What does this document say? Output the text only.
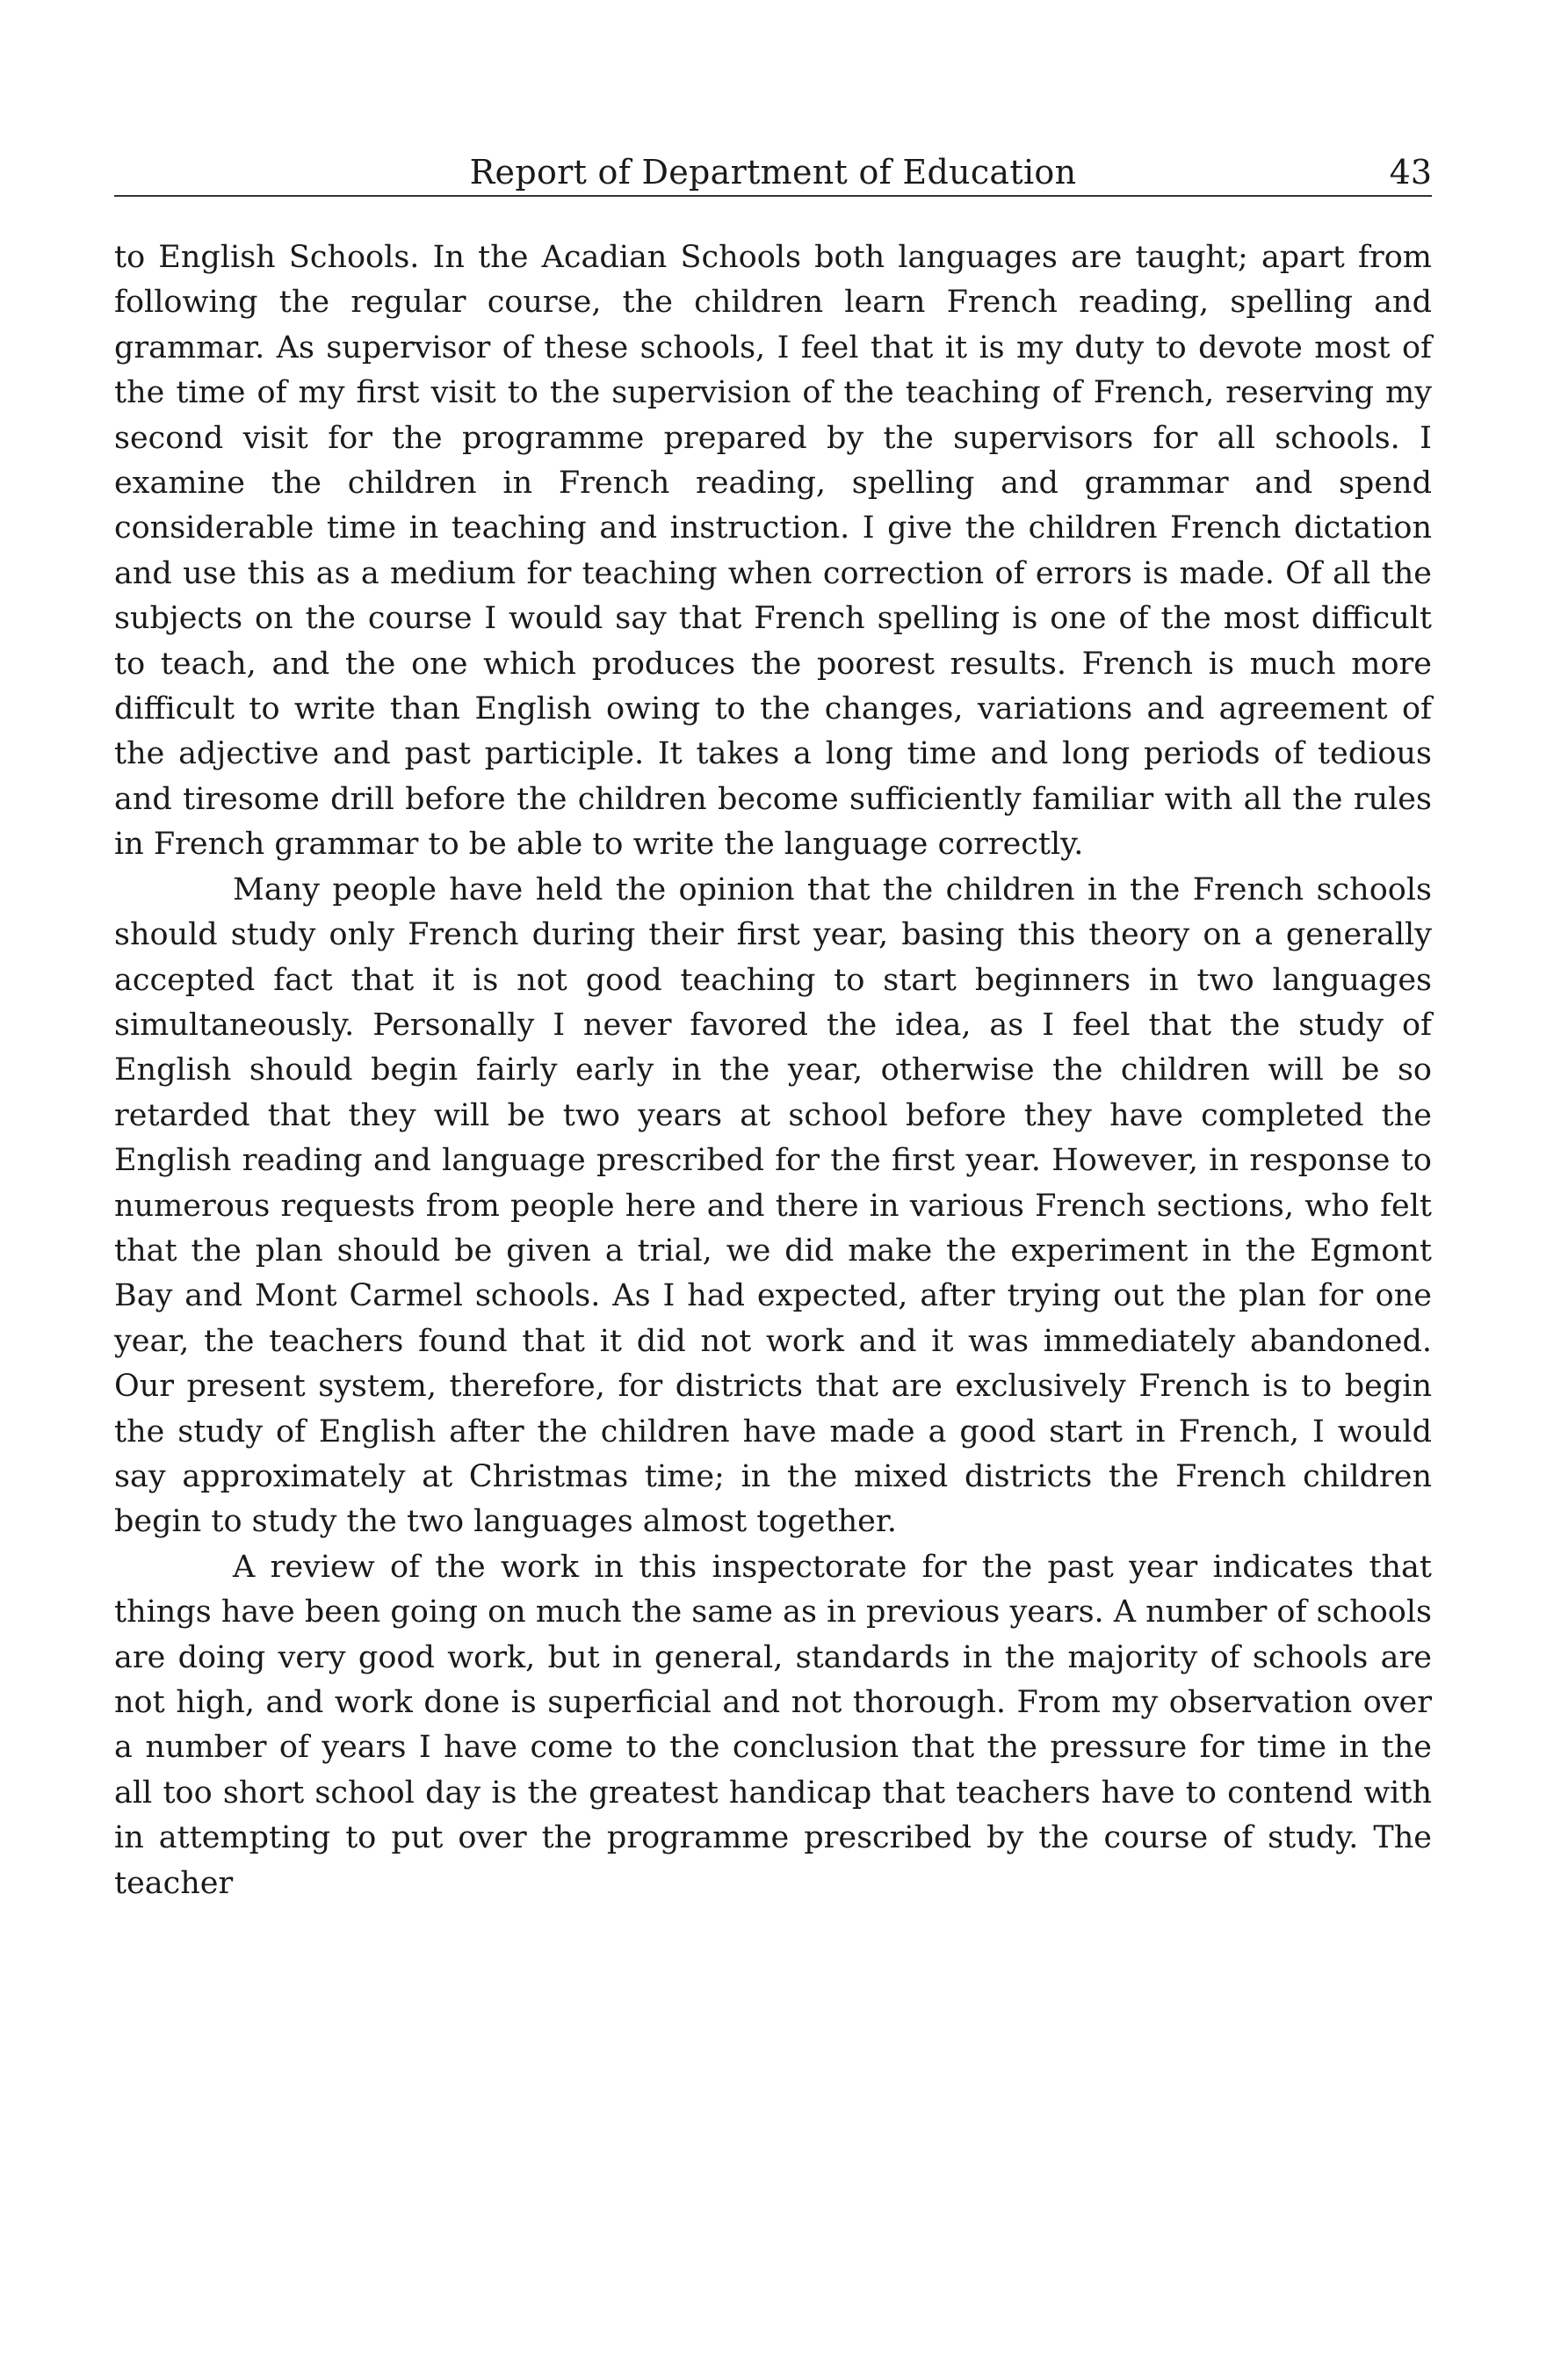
Report of Department of Education	43

to English Schools. In the Acadian Schools both languages are taught; apart from following the regular course, the children learn French reading, spelling and grammar. As supervisor of these schools, I feel that it is my duty to devote most of the time of my first visit to the supervision of the teaching of French, reserving my second visit for the programme prepared by the supervisors for all schools. I examine the children in French reading, spelling and grammar and spend considerable time in teaching and instruction. I give the children French dictation and use this as a medium for teaching when correction of errors is made. Of all the subjects on the course I would say that French spelling is one of the most difficult to teach, and the one which produces the poorest results. French is much more difficult to write than English owing to the changes, variations and agreement of the adjective and past participle. It takes a long time and long periods of tedious and tiresome drill before the children become sufficiently familiar with all the rules in French grammar to be able to write the language correctly.

Many people have held the opinion that the children in the French schools should study only French during their first year, basing this theory on a generally accepted fact that it is not good teaching to start beginners in two languages simultaneously. Personally I never favored the idea, as I feel that the study of English should begin fairly early in the year, otherwise the children will be so retarded that they will be two years at school before they have completed the English reading and language prescribed for the first year. However, in response to numerous requests from people here and there in various French sections, who felt that the plan should be given a trial, we did make the experiment in the Egmont Bay and Mont Carmel schools. As I had expected, after trying out the plan for one year, the teachers found that it did not work and it was immediately abandoned. Our present system, therefore, for districts that are exclusively French is to begin the study of English after the children have made a good start in French, I would say approximately at Christmas time; in the mixed districts the French children begin to study the two languages almost together.

A review of the work in this inspectorate for the past year indicates that things have been going on much the same as in previous years. A number of schools are doing very good work, but in general, standards in the majority of schools are not high, and work done is superficial and not thorough. From my observation over a number of years I have come to the conclusion that the pressure for time in the all too short school day is the greatest handicap that teachers have to contend with in attempting to put over the programme prescribed by the course of study. The teacher
